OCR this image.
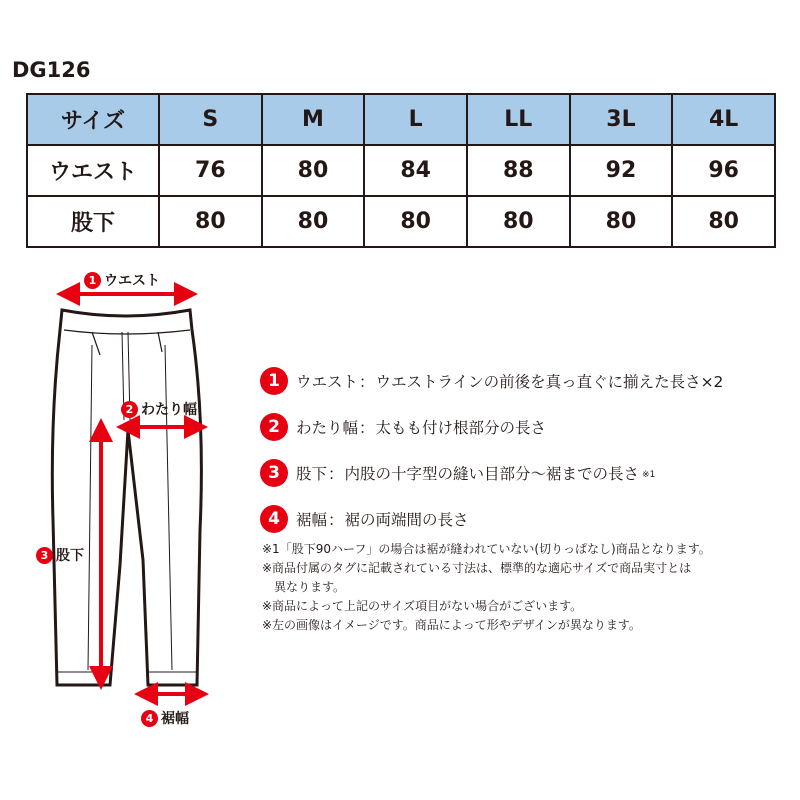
DG126
サイズ	S	M	L	LL	3L	4L
ウエスト	76	80	84	88	92	96
股下	80	80	80	80	80	80
1 ウエスト
2 わたり幅
3 股下
4 裾幅
1	ウエスト ： ウエストラインの前後を真っ直ぐに揃えた長さ×2
2	わたり幅 ： 太もも付け根部分の長さ
3	股下 ： 内股の十字型の縫い目部分〜裾までの長さ ※1
4	裾幅 ： 裾の両端間の長さ
※1「股下90ハーフ」の場合は裾が縫われていない(切りっぱなし)商品となります。
※商品付属のタグに記載されている寸法は、標準的な適応サイズで商品実寸とは
異なります。
※商品によって上記のサイズ項目がない場合がございます。
※左の画像はイメージです。商品によって形やデザインが異なります。
